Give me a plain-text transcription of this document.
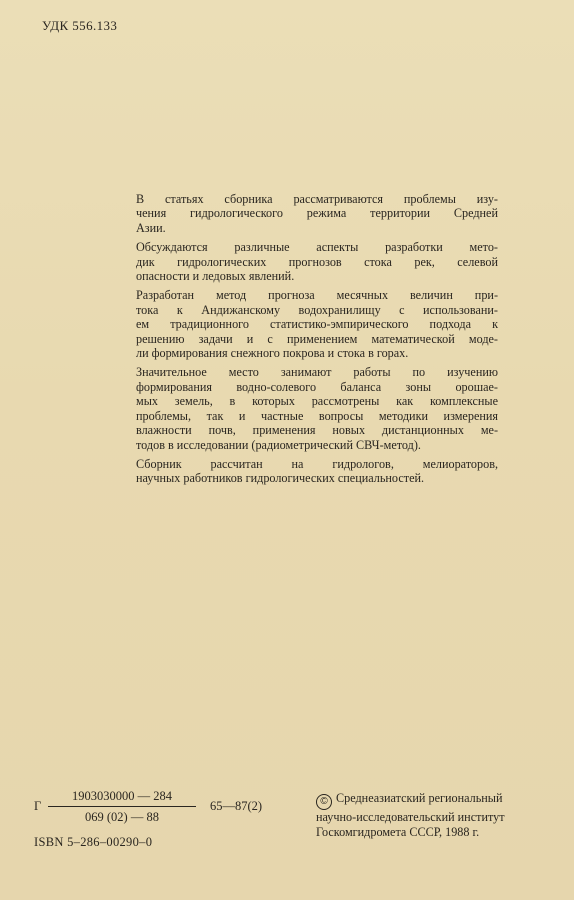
УДК 556.133

В статьях сборника рассматриваются проблемы изу-
чения гидрологического режима территории Средней
Азии.

Обсуждаются различные аспекты разработки мето-
дик гидрологических прогнозов стока рек, селевой
опасности и ледовых явлений.

Разработан метод прогноза месячных величин при-
тока к Андижанскому водохранилищу с использовани-
ем традиционного статистико-эмпирического подхода к
решению задачи и с применением математической моде-
ли формирования снежного покрова и стока в горах.

Значительное место занимают работы по изучению
формирования водно-солевого баланса зоны орошае-
мых земель, в которых рассмотрены как комплексные
проблемы, так и частные вопросы методики измерения
влажности почв, применения новых дистанционных ме-
тодов в исследовании (радиометрический СВЧ-метод).

Сборник рассчитан на гидрологов, мелиораторов,
научных работников гидрологических специальностей.

Г $\frac{1903030000 — 284}{069 (02) — 88}$ 65—87(2)
ISBN 5–286–00290–0
© Среднеазиатский региональный
научно-исследовательский институт
Госкомгидромета СССР, 1988 г.
